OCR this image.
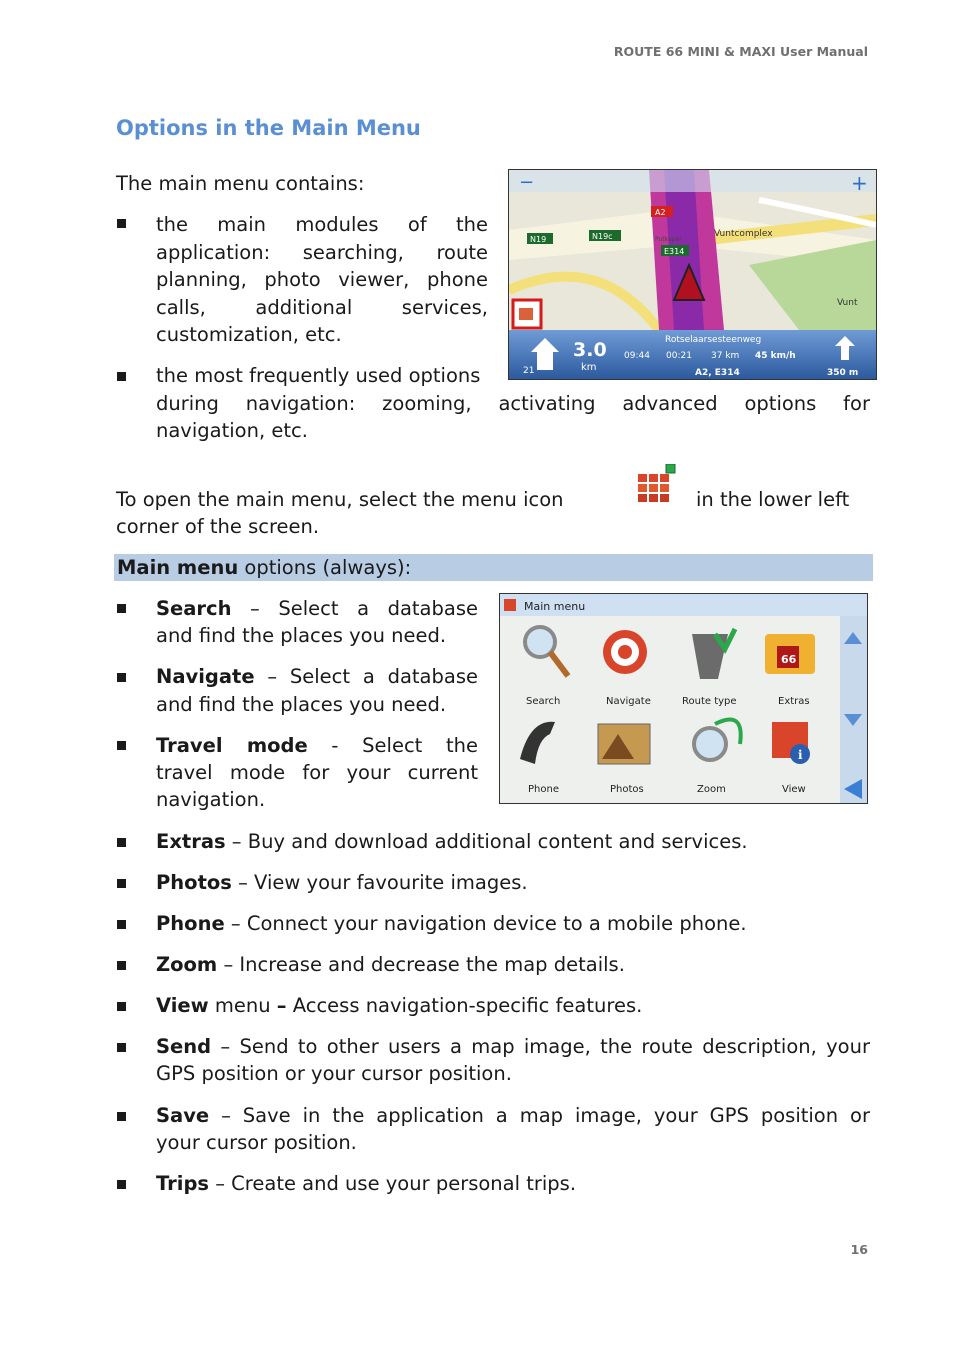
ROUTE 66 MINI & MAXI User Manual
Options in the Main Menu
The main menu contains:
the main modules of the
application: searching, route
planning, photo viewer, phone
calls, additional services,
customization, etc.
the most frequently used options
during navigation: zooming, activating advanced options for
navigation, etc.
−	+
A2
N19	N19c	Putkapel
E314
Vuntcomplex
Vunt
3.0
km
21
Rotselaarsesteenweg
09:44 00:21 37 km 45 km/h
A2, E314	350 m
To open the main menu, select the menu icon	in the lower left
corner of the screen.
Main menu options (always):
Main menu
66
i
Search	Navigate	Route type	Extras
Phone	Photos	Zoom	View
Search – Select a database
and find the places you need.
Navigate – Select a database
and find the places you need.
Travel mode - Select the
travel mode for your current
navigation.
Extras – Buy and download additional content and services.
Photos – View your favourite images.
Phone – Connect your navigation device to a mobile phone.
Zoom – Increase and decrease the map details.
View menu – Access navigation-specific features.
Send – Send to other users a map image, the route description, your
GPS position or your cursor position.
Save – Save in the application a map image, your GPS position or
your cursor position.
Trips – Create and use your personal trips.
16
